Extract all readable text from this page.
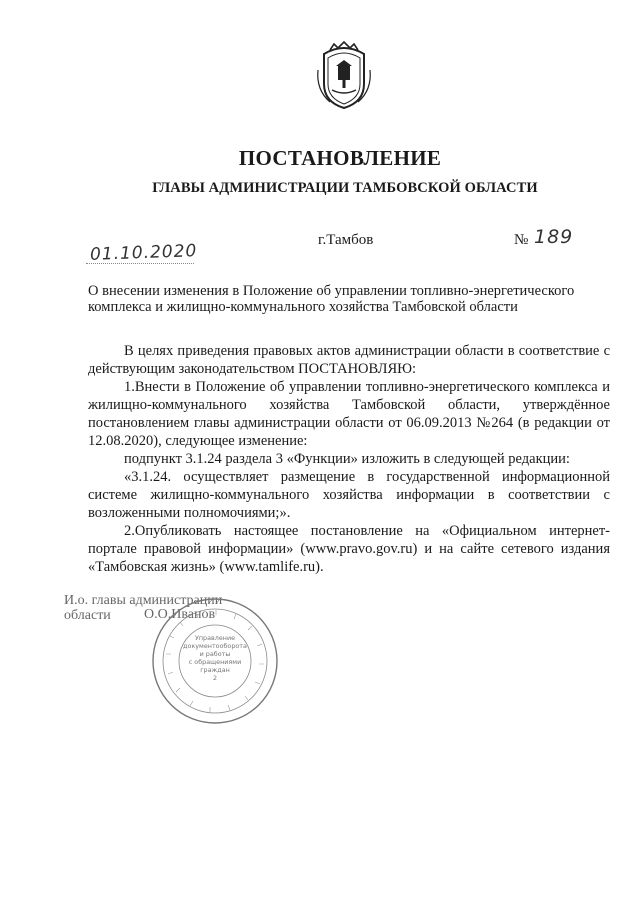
ПОСТАНОВЛЕНИЕ
ГЛАВЫ АДМИНИСТРАЦИИ ТАМБОВСКОЙ ОБЛАСТИ
01.10.2020
г.Тамбов	№ 189
О внесении изменения в Положение об управлении топливно-энергетического комплекса и жилищно-коммунального хозяйства Тамбовской области

В целях приведения правовых актов администрации области в соответствие с действующим законодательством ПОСТАНОВЛЯЮ:

1.Внести в Положение об управлении топливно-энергетического комплекса и жилищно-коммунального хозяйства Тамбовской области, утверждённое постановлением главы администрации области от 06.09.2013 №264 (в редакции от 12.08.2020), следующее изменение:

подпункт 3.1.24 раздела 3 «Функции» изложить в следующей редакции:

«3.1.24. осуществляет размещение в государственной информационной системе жилищно-коммунального хозяйства информации в соответствии с возложенными полномочиями;».

2.Опубликовать настоящее постановление на «Официальном интернет-портале правовой информации» (www.pravo.gov.ru) и на сайте сетевого издания «Тамбовская жизнь» (www.tamlife.ru).

И.о. главы администрации
области	О.О.Иванов
Управление
документооборота
и работы
с обращениями
граждан
2
